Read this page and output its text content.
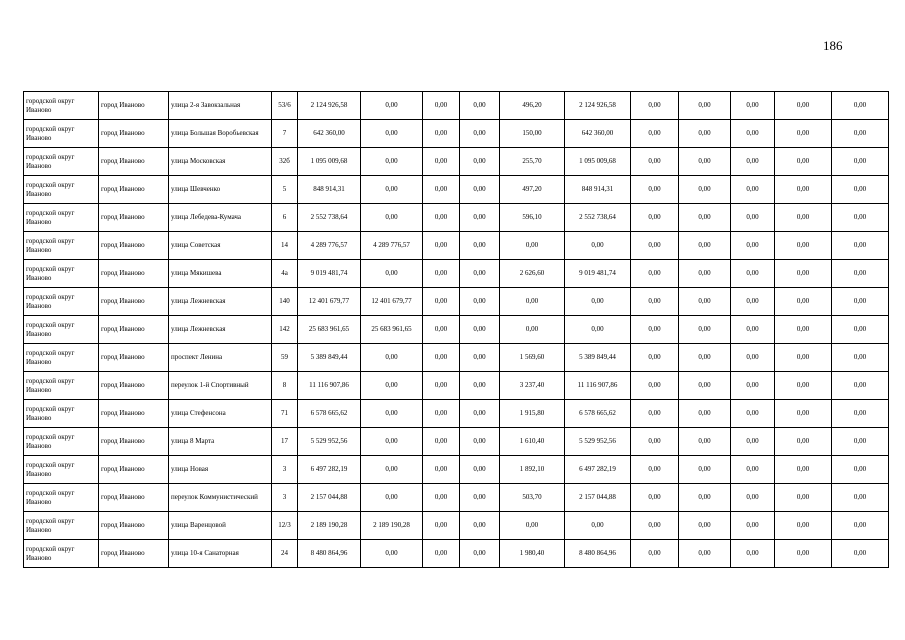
186
городской округ Иваново	город Иваново	улица 2-я Завокзальная	53/6	2 124 926,58	0,00	0,00	0,00	496,20	2 124 926,58	0,00	0,00	0,00	0,00	0,00
городской округ Иваново	город Иваново	улица Большая Воробьевская	7	642 360,00	0,00	0,00	0,00	150,00	642 360,00	0,00	0,00	0,00	0,00	0,00
городской округ Иваново	город Иваново	улица Московская	32б	1 095 009,68	0,00	0,00	0,00	255,70	1 095 009,68	0,00	0,00	0,00	0,00	0,00
городской округ Иваново	город Иваново	улица Шевченко	5	848 914,31	0,00	0,00	0,00	497,20	848 914,31	0,00	0,00	0,00	0,00	0,00
городской округ Иваново	город Иваново	улица Лебедева-Кумача	6	2 552 738,64	0,00	0,00	0,00	596,10	2 552 738,64	0,00	0,00	0,00	0,00	0,00
городской округ Иваново	город Иваново	улица Советская	14	4 289 776,57	4 289 776,57	0,00	0,00	0,00	0,00	0,00	0,00	0,00	0,00	0,00
городской округ Иваново	город Иваново	улица Мякишева	4а	9 019 481,74	0,00	0,00	0,00	2 626,60	9 019 481,74	0,00	0,00	0,00	0,00	0,00
городской округ Иваново	город Иваново	улица Лежневская	140	12 401 679,77	12 401 679,77	0,00	0,00	0,00	0,00	0,00	0,00	0,00	0,00	0,00
городской округ Иваново	город Иваново	улица Лежневская	142	25 683 961,65	25 683 961,65	0,00	0,00	0,00	0,00	0,00	0,00	0,00	0,00	0,00
городской округ Иваново	город Иваново	проспект Ленина	59	5 389 849,44	0,00	0,00	0,00	1 569,60	5 389 849,44	0,00	0,00	0,00	0,00	0,00
городской округ Иваново	город Иваново	переулок 1-й Спортивный	8	11 116 907,86	0,00	0,00	0,00	3 237,40	11 116 907,86	0,00	0,00	0,00	0,00	0,00
городской округ Иваново	город Иваново	улица Стефенсона	71	6 578 665,62	0,00	0,00	0,00	1 915,80	6 578 665,62	0,00	0,00	0,00	0,00	0,00
городской округ Иваново	город Иваново	улица 8 Марта	17	5 529 952,56	0,00	0,00	0,00	1 610,40	5 529 952,56	0,00	0,00	0,00	0,00	0,00
городской округ Иваново	город Иваново	улица Новая	3	6 497 282,19	0,00	0,00	0,00	1 892,10	6 497 282,19	0,00	0,00	0,00	0,00	0,00
городской округ Иваново	город Иваново	переулок Коммунистический	3	2 157 044,88	0,00	0,00	0,00	503,70	2 157 044,88	0,00	0,00	0,00	0,00	0,00
городской округ Иваново	город Иваново	улица Варенцовой	12/3	2 189 190,28	2 189 190,28	0,00	0,00	0,00	0,00	0,00	0,00	0,00	0,00	0,00
городской округ Иваново	город Иваново	улица 10-я Санаторная	24	8 480 864,96	0,00	0,00	0,00	1 980,40	8 480 864,96	0,00	0,00	0,00	0,00	0,00
